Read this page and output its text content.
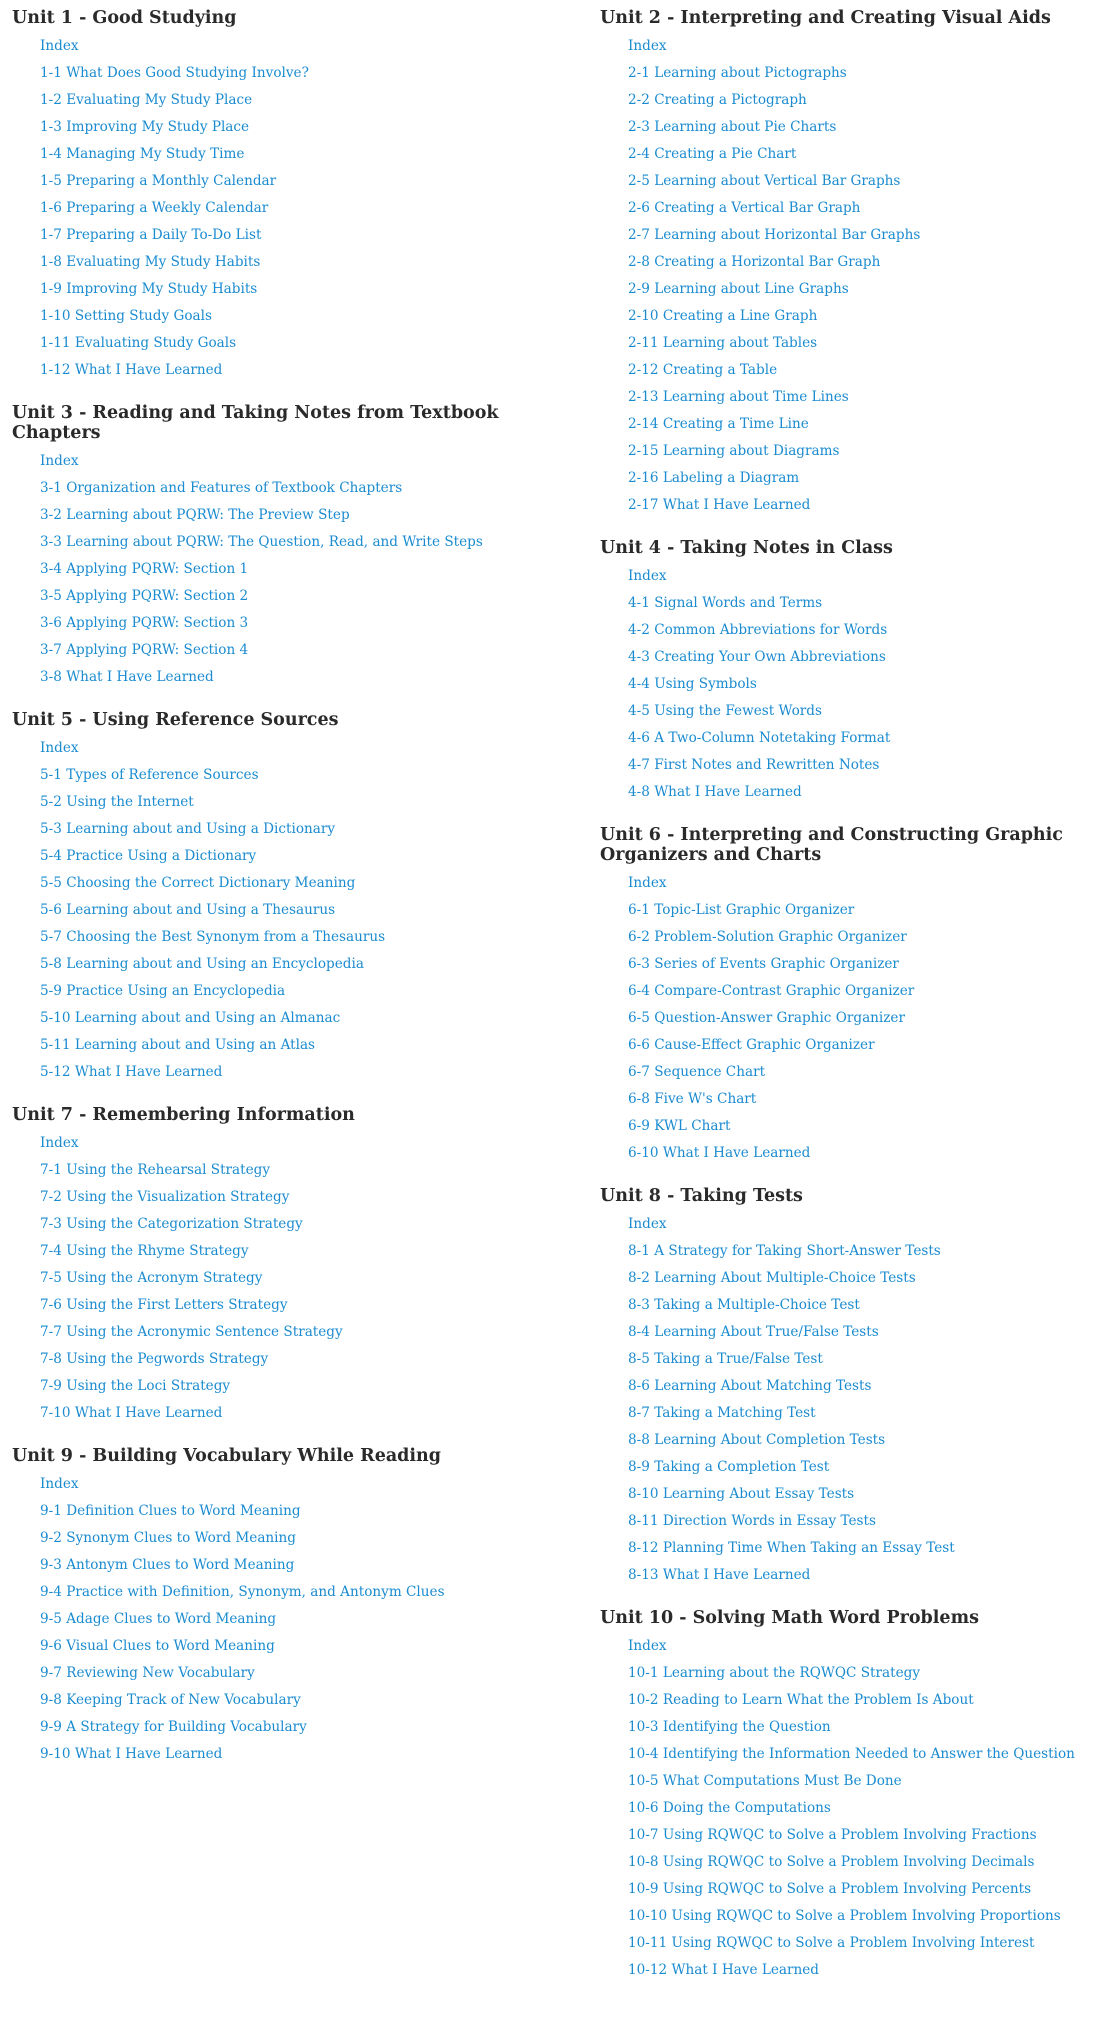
Unit 1 - Good Studying
Index
1-1 What Does Good Studying Involve?
1-2 Evaluating My Study Place
1-3 Improving My Study Place
1-4 Managing My Study Time
1-5 Preparing a Monthly Calendar
1-6 Preparing a Weekly Calendar
1-7 Preparing a Daily To-Do List
1-8 Evaluating My Study Habits
1-9 Improving My Study Habits
1-10 Setting Study Goals
1-11 Evaluating Study Goals
1-12 What I Have Learned
Unit 3 - Reading and Taking Notes from Textbook Chapters
Index
3-1 Organization and Features of Textbook Chapters
3-2 Learning about PQRW: The Preview Step
3-3 Learning about PQRW: The Question, Read, and Write Steps
3-4 Applying PQRW: Section 1
3-5 Applying PQRW: Section 2
3-6 Applying PQRW: Section 3
3-7 Applying PQRW: Section 4
3-8 What I Have Learned
Unit 5 - Using Reference Sources
Index
5-1 Types of Reference Sources
5-2 Using the Internet
5-3 Learning about and Using a Dictionary
5-4 Practice Using a Dictionary
5-5 Choosing the Correct Dictionary Meaning
5-6 Learning about and Using a Thesaurus
5-7 Choosing the Best Synonym from a Thesaurus
5-8 Learning about and Using an Encyclopedia
5-9 Practice Using an Encyclopedia
5-10 Learning about and Using an Almanac
5-11 Learning about and Using an Atlas
5-12 What I Have Learned
Unit 7 - Remembering Information
Index
7-1 Using the Rehearsal Strategy
7-2 Using the Visualization Strategy
7-3 Using the Categorization Strategy
7-4 Using the Rhyme Strategy
7-5 Using the Acronym Strategy
7-6 Using the First Letters Strategy
7-7 Using the Acronymic Sentence Strategy
7-8 Using the Pegwords Strategy
7-9 Using the Loci Strategy
7-10 What I Have Learned
Unit 9 - Building Vocabulary While Reading
Index
9-1 Definition Clues to Word Meaning
9-2 Synonym Clues to Word Meaning
9-3 Antonym Clues to Word Meaning
9-4 Practice with Definition, Synonym, and Antonym Clues
9-5 Adage Clues to Word Meaning
9-6 Visual Clues to Word Meaning
9-7 Reviewing New Vocabulary
9-8 Keeping Track of New Vocabulary
9-9 A Strategy for Building Vocabulary
9-10 What I Have Learned
Unit 2 - Interpreting and Creating Visual Aids
Index
2-1 Learning about Pictographs
2-2 Creating a Pictograph
2-3 Learning about Pie Charts
2-4 Creating a Pie Chart
2-5 Learning about Vertical Bar Graphs
2-6 Creating a Vertical Bar Graph
2-7 Learning about Horizontal Bar Graphs
2-8 Creating a Horizontal Bar Graph
2-9 Learning about Line Graphs
2-10 Creating a Line Graph
2-11 Learning about Tables
2-12 Creating a Table
2-13 Learning about Time Lines
2-14 Creating a Time Line
2-15 Learning about Diagrams
2-16 Labeling a Diagram
2-17 What I Have Learned
Unit 4 - Taking Notes in Class
Index
4-1 Signal Words and Terms
4-2 Common Abbreviations for Words
4-3 Creating Your Own Abbreviations
4-4 Using Symbols
4-5 Using the Fewest Words
4-6 A Two-Column Notetaking Format
4-7 First Notes and Rewritten Notes
4-8 What I Have Learned
Unit 6 - Interpreting and Constructing Graphic Organizers and Charts
Index
6-1 Topic-List Graphic Organizer
6-2 Problem-Solution Graphic Organizer
6-3 Series of Events Graphic Organizer
6-4 Compare-Contrast Graphic Organizer
6-5 Question-Answer Graphic Organizer
6-6 Cause-Effect Graphic Organizer
6-7 Sequence Chart
6-8 Five W's Chart
6-9 KWL Chart
6-10 What I Have Learned
Unit 8 - Taking Tests
Index
8-1 A Strategy for Taking Short-Answer Tests
8-2 Learning About Multiple-Choice Tests
8-3 Taking a Multiple-Choice Test
8-4 Learning About True/False Tests
8-5 Taking a True/False Test
8-6 Learning About Matching Tests
8-7 Taking a Matching Test
8-8 Learning About Completion Tests
8-9 Taking a Completion Test
8-10 Learning About Essay Tests
8-11 Direction Words in Essay Tests
8-12 Planning Time When Taking an Essay Test
8-13 What I Have Learned
Unit 10 - Solving Math Word Problems
Index
10-1 Learning about the RQWQC Strategy
10-2 Reading to Learn What the Problem Is About
10-3 Identifying the Question
10-4 Identifying the Information Needed to Answer the Question
10-5 What Computations Must Be Done
10-6 Doing the Computations
10-7 Using RQWQC to Solve a Problem Involving Fractions
10-8 Using RQWQC to Solve a Problem Involving Decimals
10-9 Using RQWQC to Solve a Problem Involving Percents
10-10 Using RQWQC to Solve a Problem Involving Proportions
10-11 Using RQWQC to Solve a Problem Involving Interest
10-12 What I Have Learned
